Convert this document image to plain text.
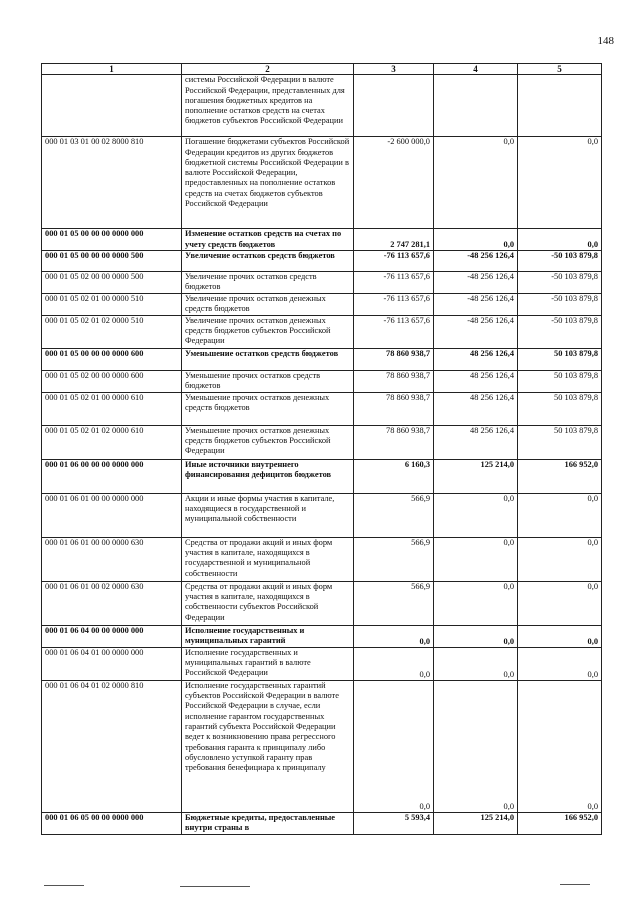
148
1	2	3	4	5
	системы Российской Федерации в валюте Российской Федерации, представленных для погашения бюджетных кредитов на пополнение остатков средств на счетах бюджетов субъектов Российской Федерации			
000 01 03 01 00 02 8000 810	Погашение бюджетами субъектов Российской Федерации кредитов из других бюджетов бюджетной системы Российской Федерации в валюте Российской Федерации, предоставленных на пополнение остатков средств на счетах бюджетов субъектов Российской Федерации	-2 600 000,0	0,0	0,0
000 01 05 00 00 00 0000 000	Изменение остатков средств на счетах по учету средств бюджетов	2 747 281,1	0,0	0,0
000 01 05 00 00 00 0000 500	Увеличение остатков средств бюджетов	-76 113 657,6	-48 256 126,4	-50 103 879,8
000 01 05 02 00 00 0000 500	Увеличение прочих остатков средств бюджетов	-76 113 657,6	-48 256 126,4	-50 103 879,8
000 01 05 02 01 00 0000 510	Увеличение прочих остатков денежных средств бюджетов	-76 113 657,6	-48 256 126,4	-50 103 879,8
000 01 05 02 01 02 0000 510	Увеличение прочих остатков денежных средств бюджетов субъектов Российской Федерации	-76 113 657,6	-48 256 126,4	-50 103 879,8
000 01 05 00 00 00 0000 600	Уменьшение остатков средств бюджетов	78 860 938,7	48 256 126,4	50 103 879,8
000 01 05 02 00 00 0000 600	Уменьшение прочих остатков средств бюджетов	78 860 938,7	48 256 126,4	50 103 879,8
000 01 05 02 01 00 0000 610	Уменьшение прочих остатков денежных средств бюджетов	78 860 938,7	48 256 126,4	50 103 879,8
000 01 05 02 01 02 0000 610	Уменьшение прочих остатков денежных средств бюджетов субъектов Российской Федерации	78 860 938,7	48 256 126,4	50 103 879,8
000 01 06 00 00 00 0000 000	Иные источники внутреннего финансирования дефицитов бюджетов	6 160,3	125 214,0	166 952,0
000 01 06 01 00 00 0000 000	Акции и иные формы участия в капитале, находящиеся в государственной и муниципальной собственности	566,9	0,0	0,0
000 01 06 01 00 00 0000 630	Средства от продажи акций и иных форм участия в капитале, находящихся в государственной и муниципальной собственности	566,9	0,0	0,0
000 01 06 01 00 02 0000 630	Средства от продажи акций и иных форм участия в капитале, находящихся в собственности субъектов Российской Федерации	566,9	0,0	0,0
000 01 06 04 00 00 0000 000	Исполнение государственных и муниципальных гарантий	0,0	0,0	0,0
000 01 06 04 01 00 0000 000	Исполнение государственных и муниципальных гарантий в валюте Российской Федерации	0,0	0,0	0,0
000 01 06 04 01 02 0000 810	Исполнение государственных гарантий субъектов Российской Федерации в валюте Российской Федерации в случае, если исполнение гарантом государственных гарантий субъекта Российской Федерации ведет к возникновению права регрессного требования гаранта к принципалу либо обусловлено уступкой гаранту прав требования бенефициара к принципалу	0,0	0,0	0,0
000 01 06 05 00 00 0000 000	Бюджетные кредиты, предоставленные внутри страны в	5 593,4	125 214,0	166 952,0
